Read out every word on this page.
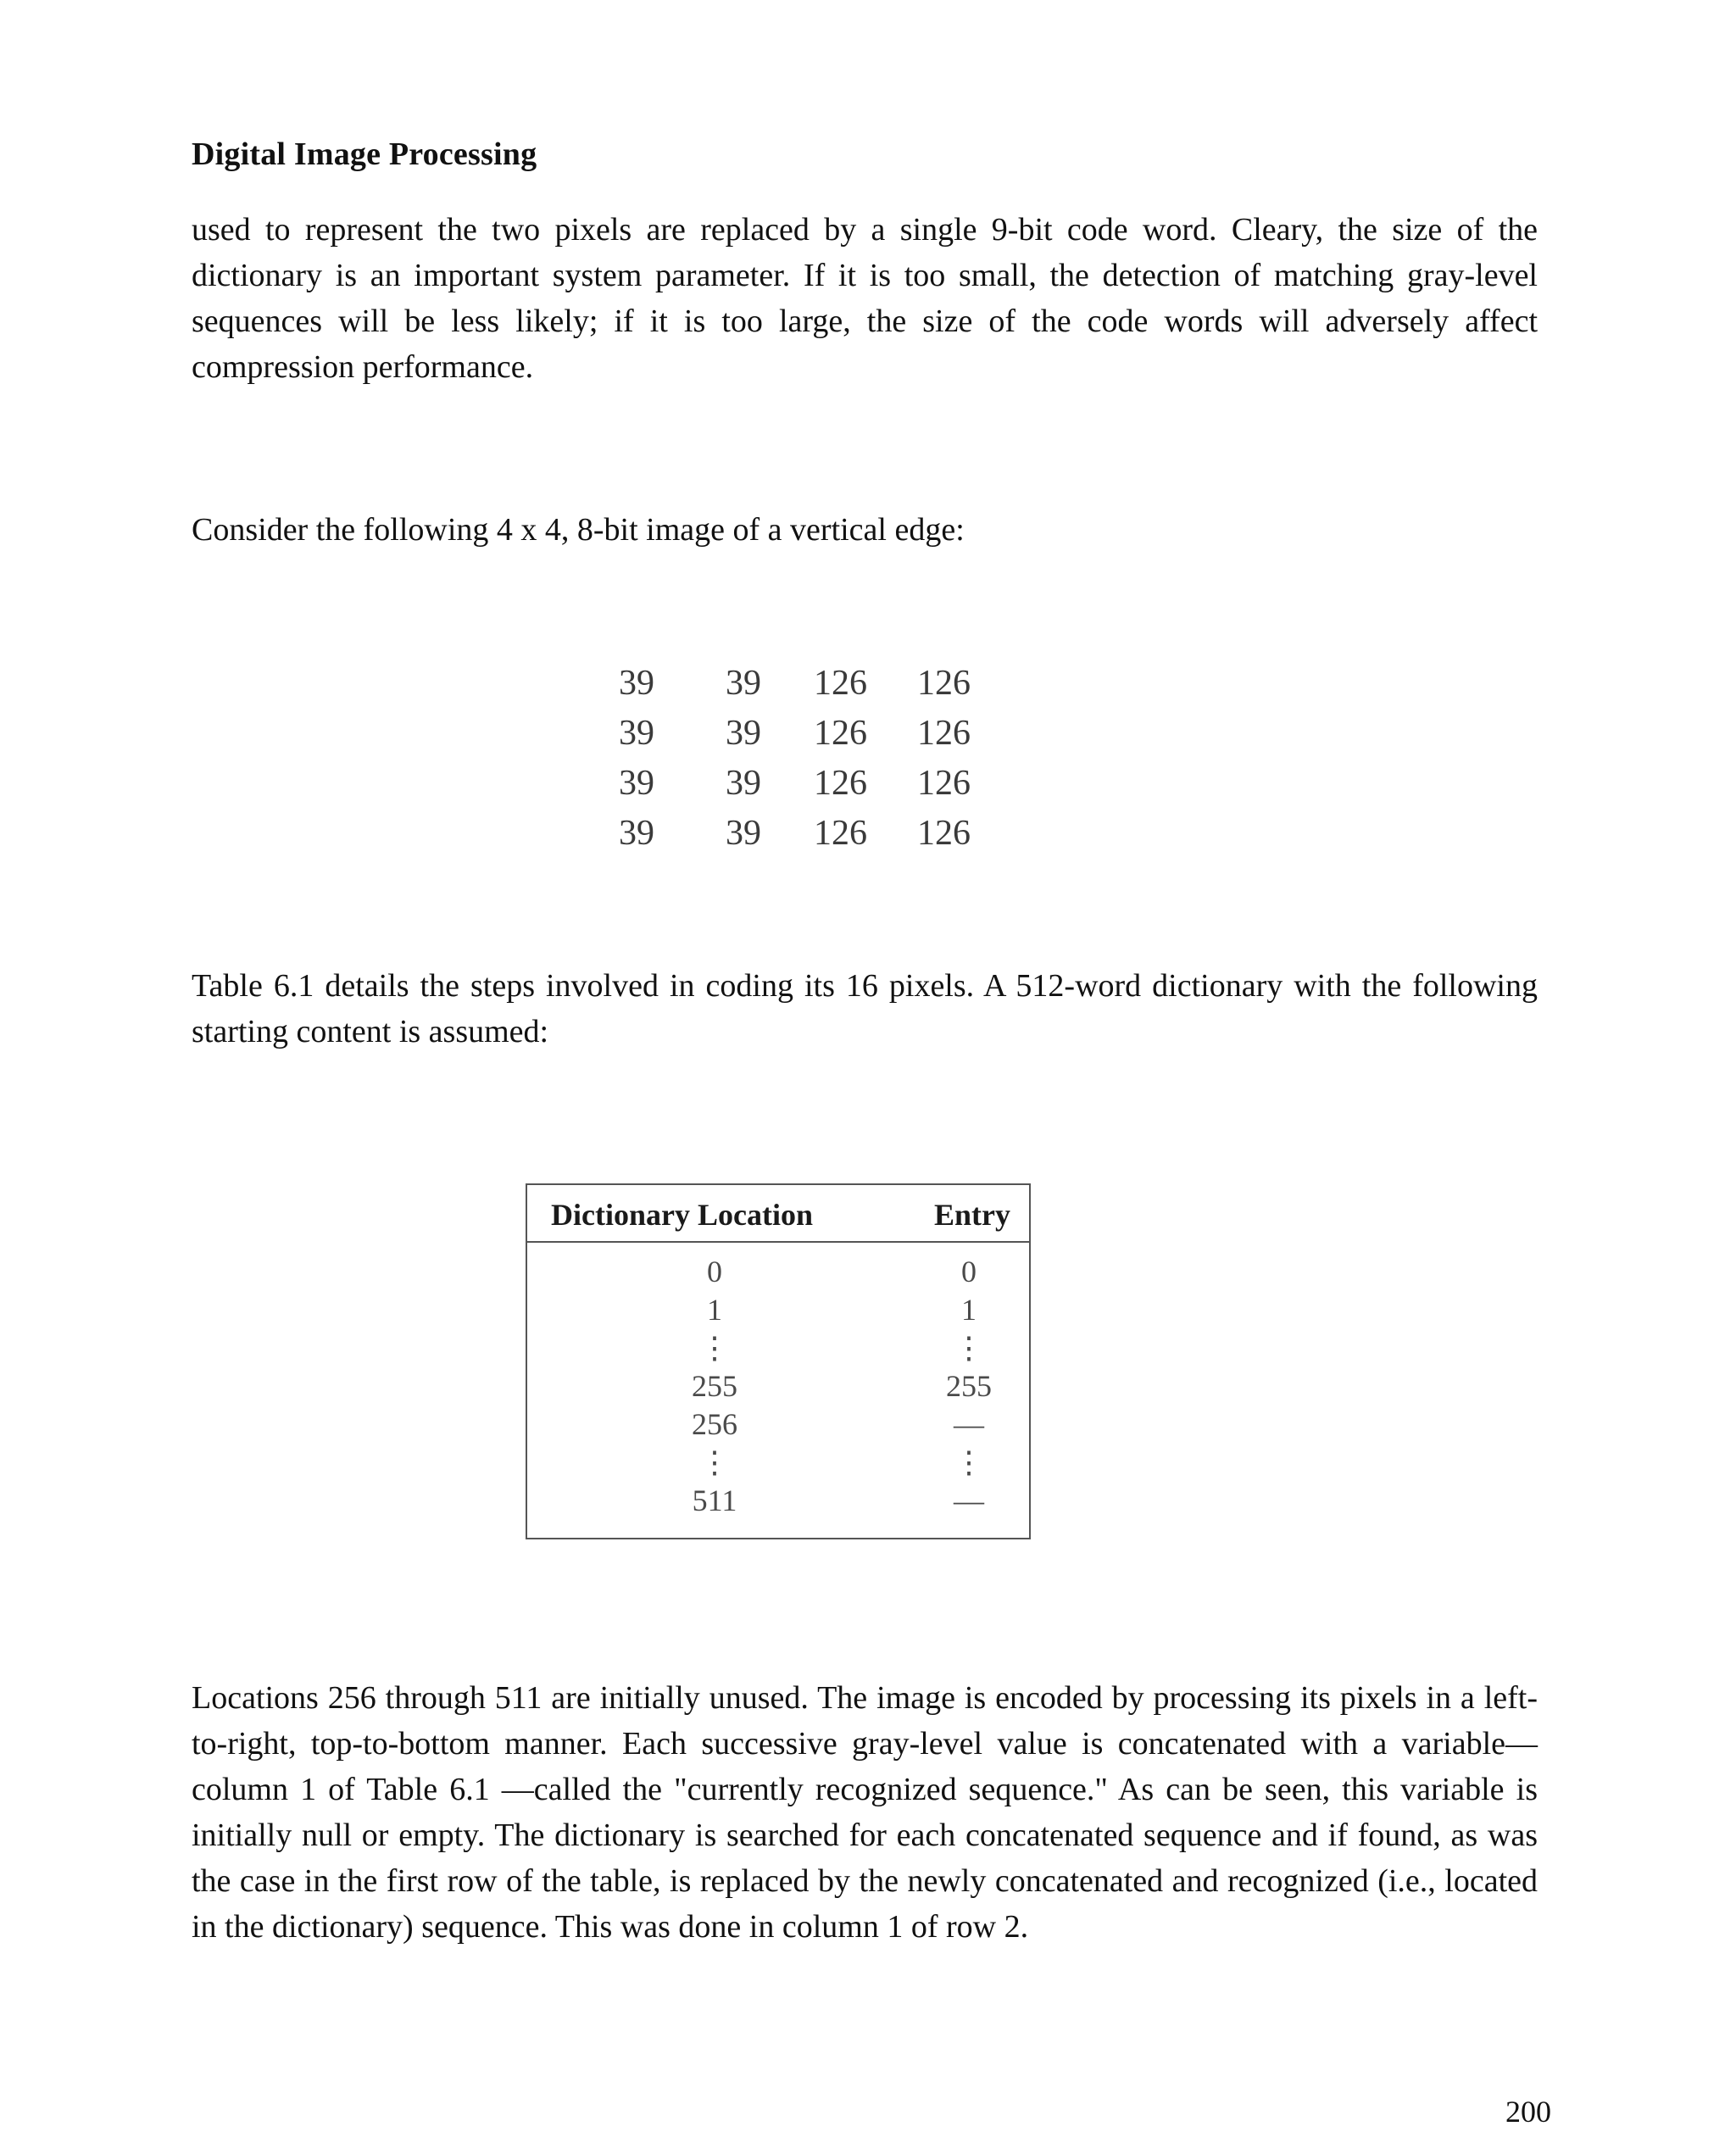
Digital Image Processing
used to represent the two pixels are replaced by a single 9-bit code word. Cleary, the size of the dictionary is an important system parameter. If it is too small, the detection of matching gray-level sequences will be less likely; if it is too large, the size of the code words will adversely affect compression performance.
Consider the following 4 x 4, 8-bit image of a vertical edge:
39	39	126	126
39	39	126	126
39	39	126	126
39	39	126	126
Table 6.1 details the steps involved in coding its 16 pixels. A 512-word dictionary with the following starting content is assumed:
Dictionary Location	Entry
0	0
1	1
⋮	⋮
255	255
256	—
⋮	⋮
511	—
Locations 256 through 511 are initially unused. The image is encoded by processing its pixels in a left-to-right, top-to-bottom manner. Each successive gray-level value is concatenated with a variable—column 1 of Table 6.1 —called the "currently recognized sequence." As can be seen, this variable is initially null or empty. The dictionary is searched for each concatenated sequence and if found, as was the case in the first row of the table, is replaced by the newly concatenated and recognized (i.e., located in the dictionary) sequence. This was done in column 1 of row 2.
200
